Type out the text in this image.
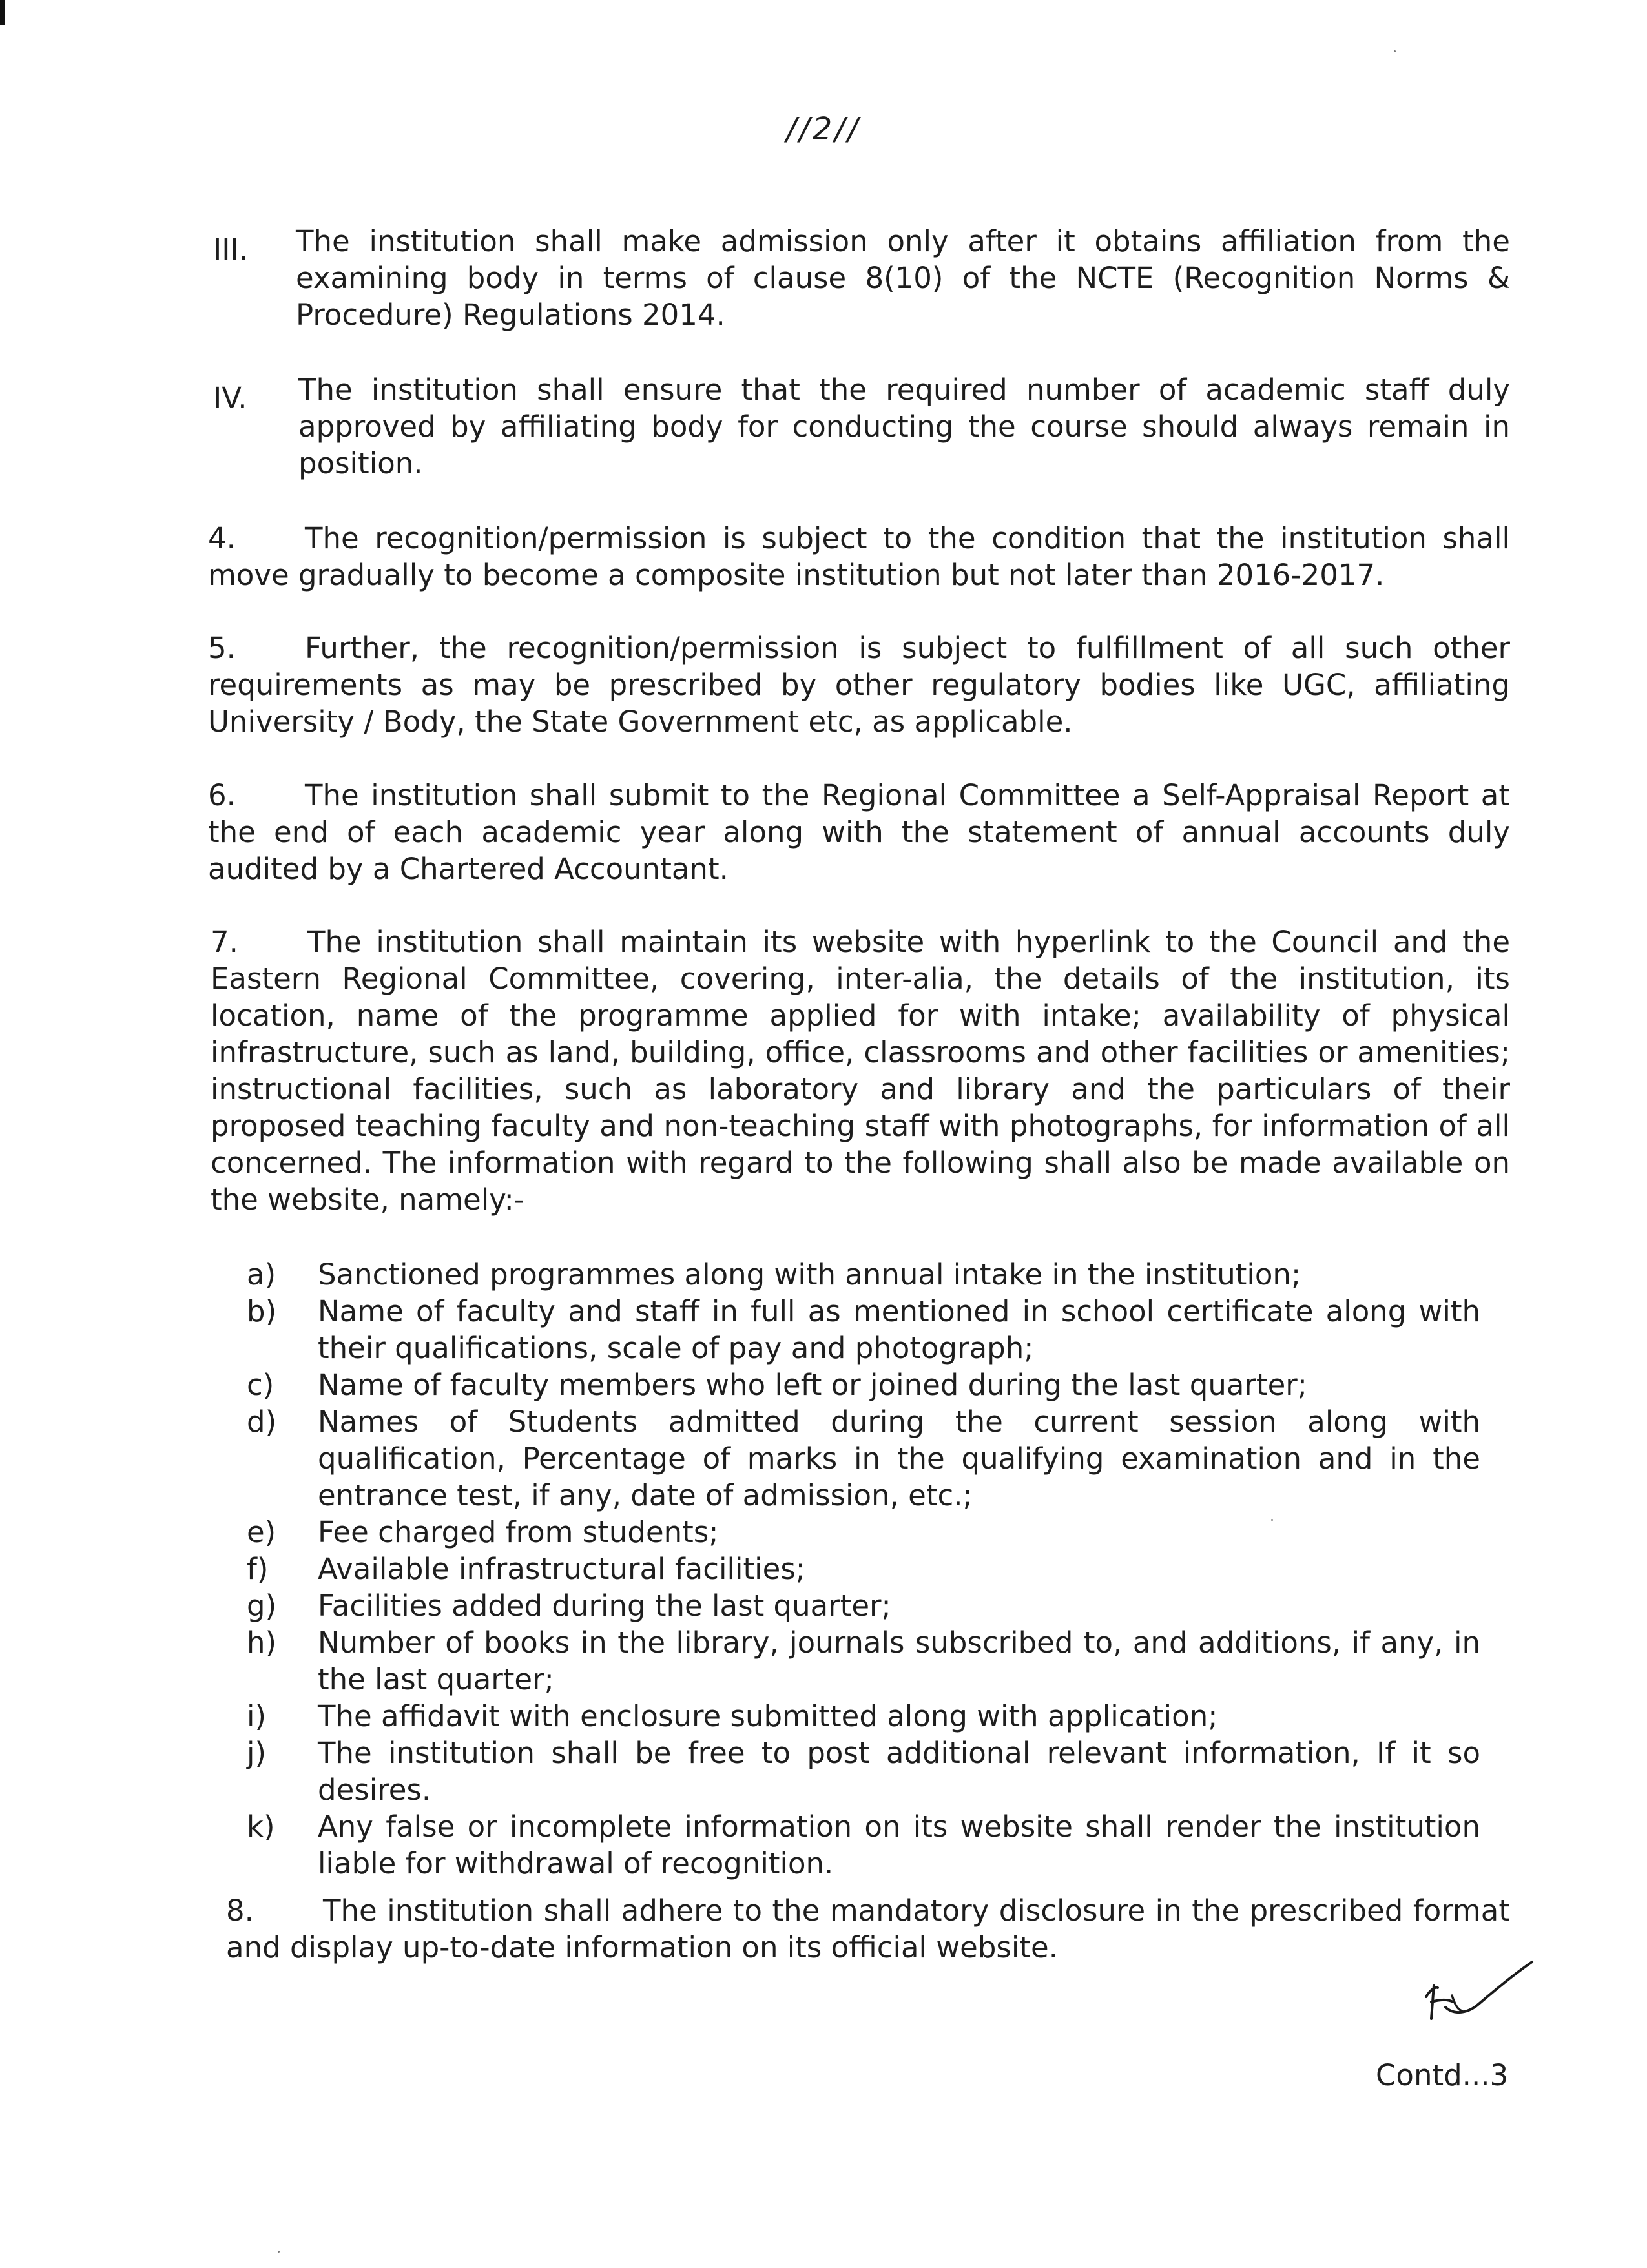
//2//
III. The institution shall make admission only after it obtains affiliation from the examining body in terms of clause 8(10) of the NCTE (Recognition Norms & Procedure) Regulations 2014.
IV. The institution shall ensure that the required number of academic staff duly approved by affiliating body for conducting the course should always remain in position.
4. The recognition/permission is subject to the condition that the institution shall move gradually to become a composite institution but not later than 2016-2017.
5. Further, the recognition/permission is subject to fulfillment of all such other requirements as may be prescribed by other regulatory bodies like UGC, affiliating University / Body, the State Government etc, as applicable.
6. The institution shall submit to the Regional Committee a Self-Appraisal Report at the end of each academic year along with the statement of annual accounts duly audited by a Chartered Accountant.
7. The institution shall maintain its website with hyperlink to the Council and the Eastern Regional Committee, covering, inter-alia, the details of the institution, its location, name of the programme applied for with intake; availability of physical infrastructure, such as land, building, office, classrooms and other facilities or amenities; instructional facilities, such as laboratory and library and the particulars of their proposed teaching faculty and non-teaching staff with photographs, for information of all concerned. The information with regard to the following shall also be made available on the website, namely:-
a) Sanctioned programmes along with annual intake in the institution;
b) Name of faculty and staff in full as mentioned in school certificate along with their qualifications, scale of pay and photograph;
c) Name of faculty members who left or joined during the last quarter;
d) Names of Students admitted during the current session along with qualification, Percentage of marks in the qualifying examination and in the entrance test, if any, date of admission, etc.;
e) Fee charged from students;
f) Available infrastructural facilities;
g) Facilities added during the last quarter;
h) Number of books in the library, journals subscribed to, and additions, if any, in the last quarter;
i) The affidavit with enclosure submitted along with application;
j) The institution shall be free to post additional relevant information, If it so desires.
k) Any false or incomplete information on its website shall render the institution liable for withdrawal of recognition.
8. The institution shall adhere to the mandatory disclosure in the prescribed format and display up-to-date information on its official website.
Contd...3
